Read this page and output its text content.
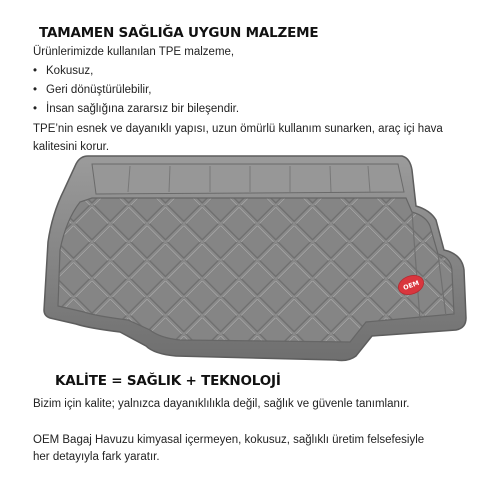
TAMAMEN SAĞLIĞA UYGUN MALZEME
Ürünlerimizde kullanılan TPE malzeme,
• Kokusuz,
• Geri dönüştürülebilir,
• İnsan sağlığına zararsız bir bileşendir.
TPE’nin esnek ve dayanıklı yapısı, uzun ömürlü kullanım sunarken, araç içi hava
kalitesini korur.
OEM
KALİTE = SAĞLIK + TEKNOLOJİ
Bizim için kalite; yalnızca dayanıklılıkla değil, sağlık ve güvenle tanımlanır.
OEM Bagaj Havuzu kimyasal içermeyen, kokusuz, sağlıklı üretim felsefesiyle
her detayıyla fark yaratır.
